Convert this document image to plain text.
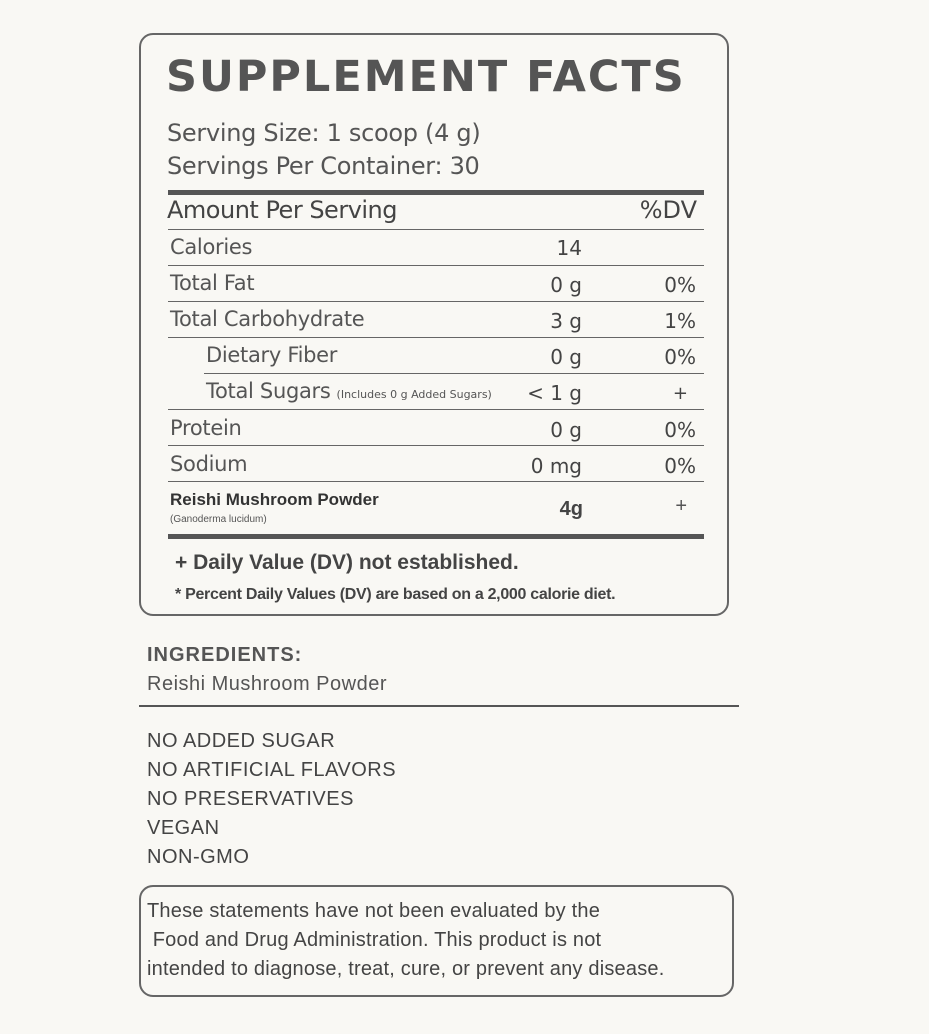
SUPPLEMENT FACTS
Serving Size: 1 scoop (4 g)
Servings Per Container: 30
Amount Per Serving	%DV
Calories	14
Total Fat	0 g	0%
Total Carbohydrate	3 g	1%
Dietary Fiber	0 g	0%
Total Sugars (Includes 0 g Added Sugars) < 1 g	+
Protein	0 g	0%
Sodium	0 mg	0%
Reishi Mushroom Powder
(Ganoderma lucidum)	4g	+
+ Daily Value (DV) not established.
* Percent Daily Values (DV) are based on a 2,000 calorie diet.
INGREDIENTS:
Reishi Mushroom Powder
NO ADDED SUGAR
NO ARTIFICIAL FLAVORS
NO PRESERVATIVES
VEGAN
NON-GMO
These statements have not been evaluated by the
Food and Drug Administration. This product is not
intended to diagnose, treat, cure, or prevent any disease.
